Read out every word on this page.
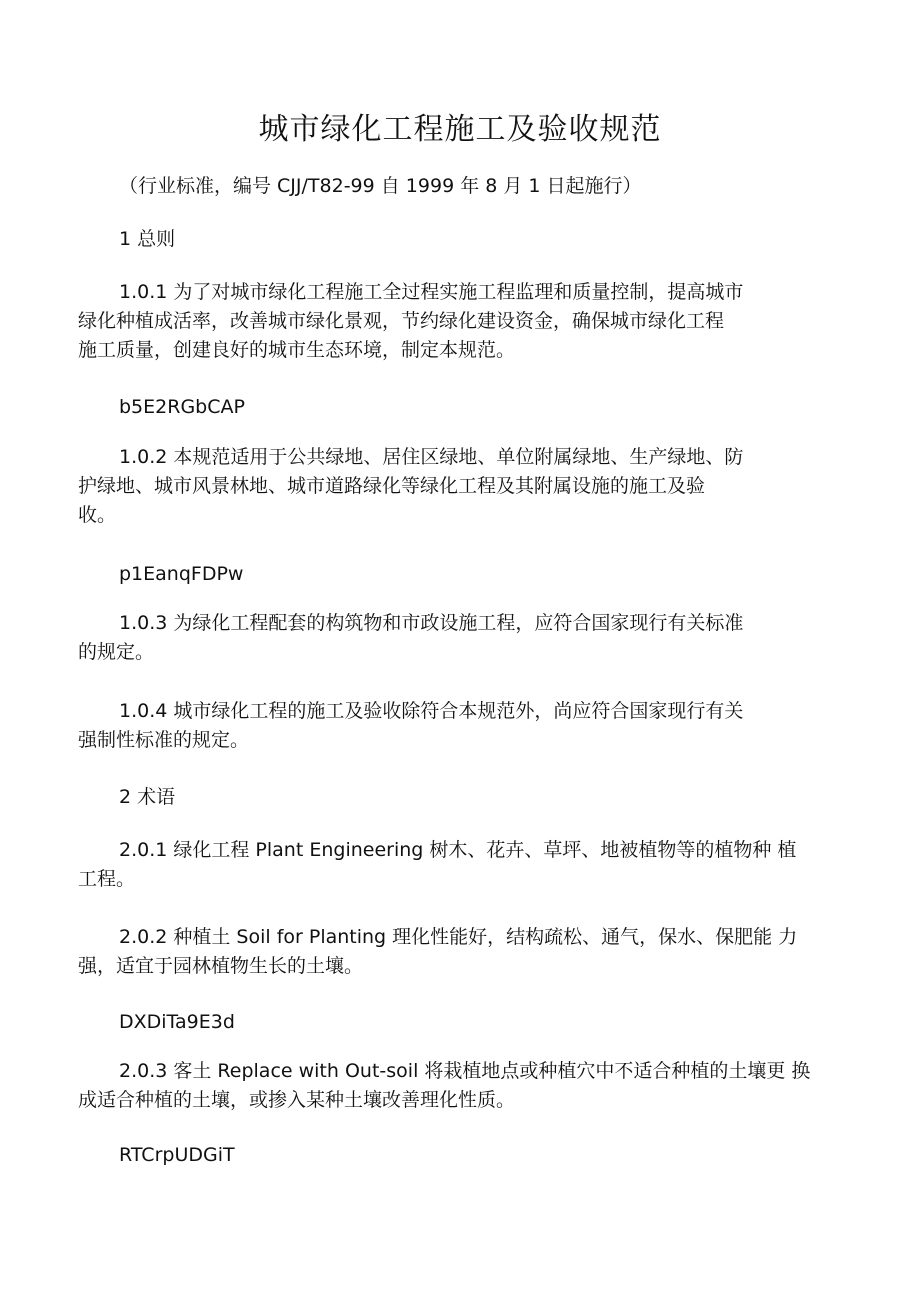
城市绿化工程施工及验收规范

（行业标准，编号 CJJ/T82-99 自 1999 年 8 月 1 日起施行）

1 总则

1.0.1 为了对城市绿化工程施工全过程实施工程监理和质量控制，提高城市
绿化种植成活率，改善城市绿化景观，节约绿化建设资金，确保城市绿化工程
施工质量，创建良好的城市生态环境，制定本规范。

b5E2RGbCAP

1.0.2 本规范适用于公共绿地、居住区绿地、单位附属绿地、生产绿地、防
护绿地、城市风景林地、城市道路绿化等绿化工程及其附属设施的施工及验
收。

p1EanqFDPw

1.0.3 为绿化工程配套的构筑物和市政设施工程，应符合国家现行有关标准
的规定。
1.0.4 城市绿化工程的施工及验收除符合本规范外，尚应符合国家现行有关
强制性标准的规定。

2 术语

2.0.1 绿化工程 Plant Engineering 树木、花卉、草坪、地被植物等的植物种 植
工程。
2.0.2 种植土 Soil for Planting 理化性能好，结构疏松、通气，保水、保肥能 力
强，适宜于园林植物生长的土壤。

DXDiTa9E3d

2.0.3 客土 Replace with Out-soil 将栽植地点或种植穴中不适合种植的土壤更 换
成适合种植的土壤，或掺入某种土壤改善理化性质。

RTCrpUDGiT
